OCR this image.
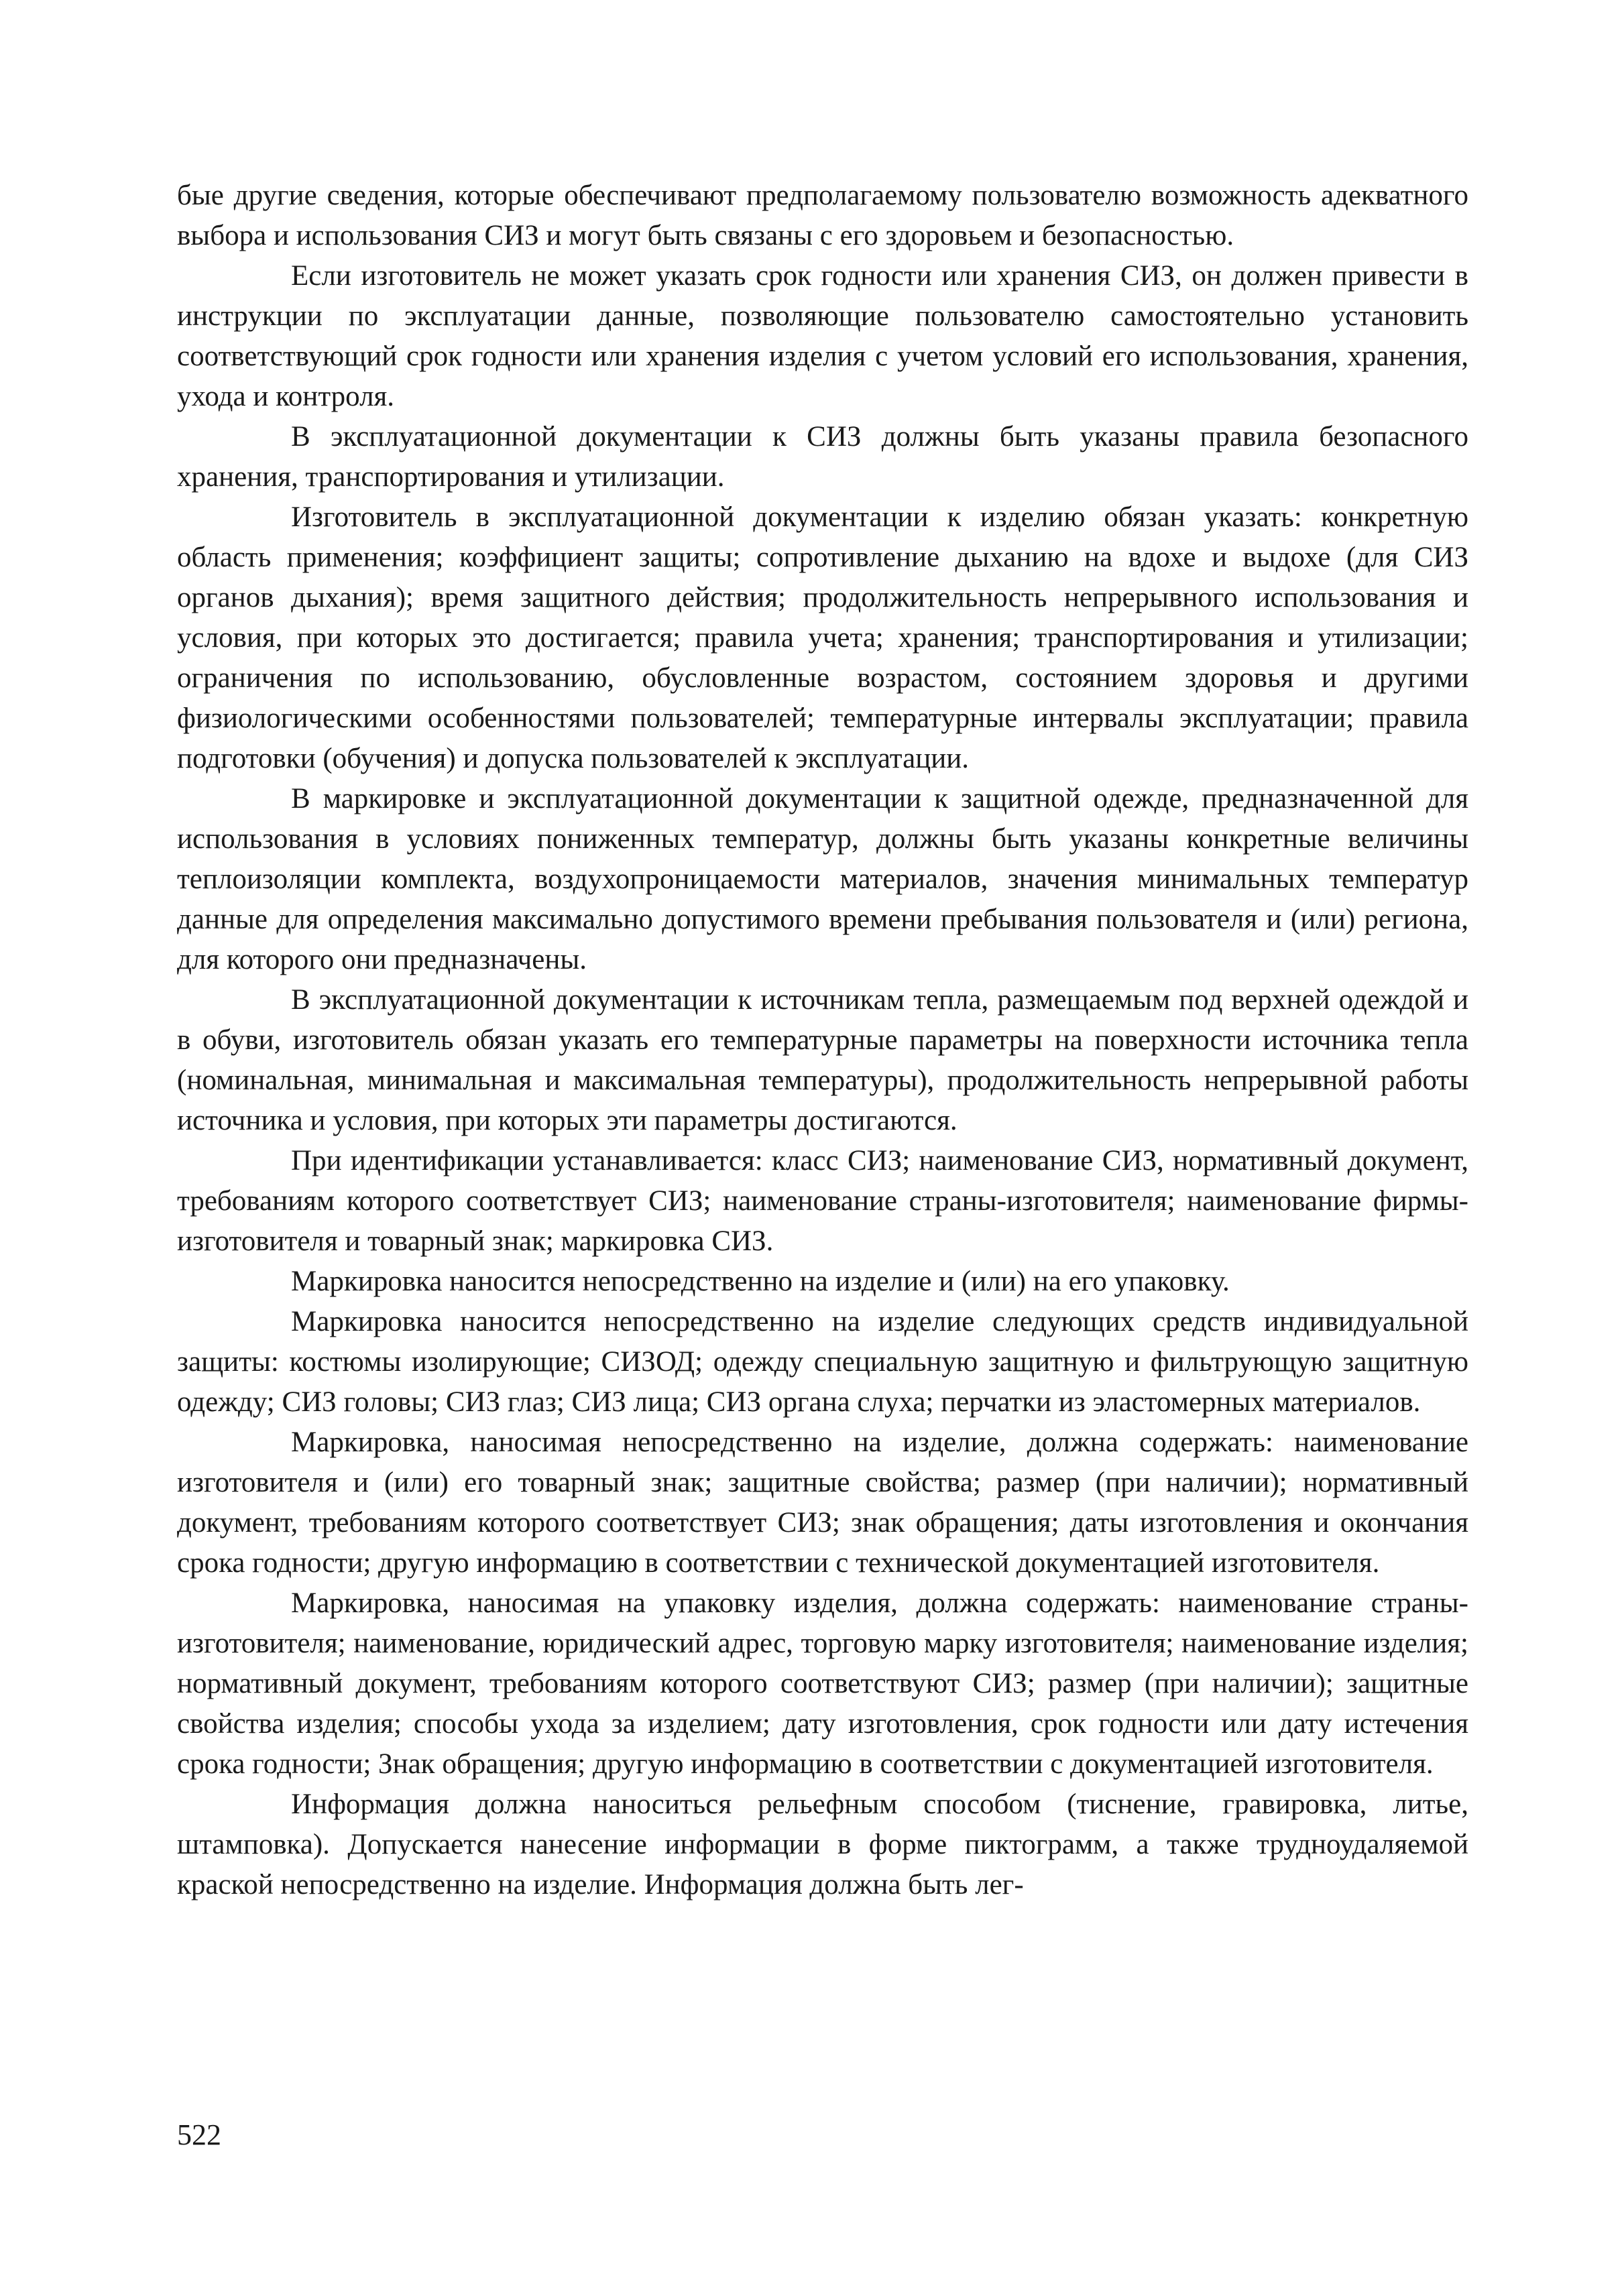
бые другие сведения, которые обеспечивают предполагаемому пользователю возможность адекватного выбора и использования СИЗ и могут быть связаны с его здоровьем и безопасностью.

Если изготовитель не может указать срок годности или хранения СИЗ, он должен привести в инструкции по эксплуатации данные, позволяющие пользователю самостоятельно установить соответствующий срок годности или хранения изделия с учетом условий его использования, хранения, ухода и контроля.

В эксплуатационной документации к СИЗ должны быть указаны правила безопасного хранения, транспортирования и утилизации.

Изготовитель в эксплуатационной документации к изделию обязан указать: конкретную область применения; коэффициент защиты; сопротивление дыханию на вдохе и выдохе (для СИЗ органов дыхания); время защитного действия; продолжительность непрерывного использования и условия, при которых это достигается; правила учета; хранения; транспортирования и утилизации; ограничения по использованию, обусловленные возрастом, состоянием здоровья и другими физиологическими особенностями пользователей; температурные интервалы эксплуатации; правила подготовки (обучения) и допуска пользователей к эксплуатации.

В маркировке и эксплуатационной документации к защитной одежде, предназначенной для использования в условиях пониженных температур, должны быть указаны конкретные величины теплоизоляции комплекта, воздухопроницаемости материалов, значения минимальных температур данные для определения максимально допустимого времени пребывания пользователя и (или) региона, для которого они предназначены.

В эксплуатационной документации к источникам тепла, размещаемым под верхней одеждой и в обуви, изготовитель обязан указать его температурные параметры на поверхности источника тепла (номинальная, минимальная и максимальная температуры), продолжительность непрерывной работы источника и условия, при которых эти параметры достигаются.

При идентификации устанавливается: класс СИЗ; наименование СИЗ, нормативный документ, требованиям которого соответствует СИЗ; наименование страны-изготовителя; наименование фирмы-изготовителя и товарный знак; маркировка СИЗ.

Маркировка наносится непосредственно на изделие и (или) на его упаковку.

Маркировка наносится непосредственно на изделие следующих средств индивидуальной защиты: костюмы изолирующие; СИЗОД; одежду специальную защитную и фильтрующую защитную одежду; СИЗ головы; СИЗ глаз; СИЗ лица; СИЗ органа слуха; перчатки из эластомерных материалов.

Маркировка, наносимая непосредственно на изделие, должна содержать: наименование изготовителя и (или) его товарный знак; защитные свойства; размер (при наличии); нормативный документ, требованиям которого соответствует СИЗ; знак обращения; даты изготовления и окончания срока годности; другую информацию в соответствии с технической документацией изготовителя.

Маркировка, наносимая на упаковку изделия, должна содержать: наименование страны-изготовителя; наименование, юридический адрес, торговую марку изготовителя; наименование изделия; нормативный документ, требованиям которого соответствуют СИЗ; размер (при наличии); защитные свойства изделия; способы ухода за изделием; дату изготовления, срок годности или дату истечения срока годности; Знак обращения; другую информацию в соответствии с документацией изготовителя.

Информация должна наноситься рельефным способом (тиснение, гравировка, литье, штамповка). Допускается нанесение информации в форме пиктограмм, а также трудноудаляемой краской непосредственно на изделие. Информация должна быть лег-

522
